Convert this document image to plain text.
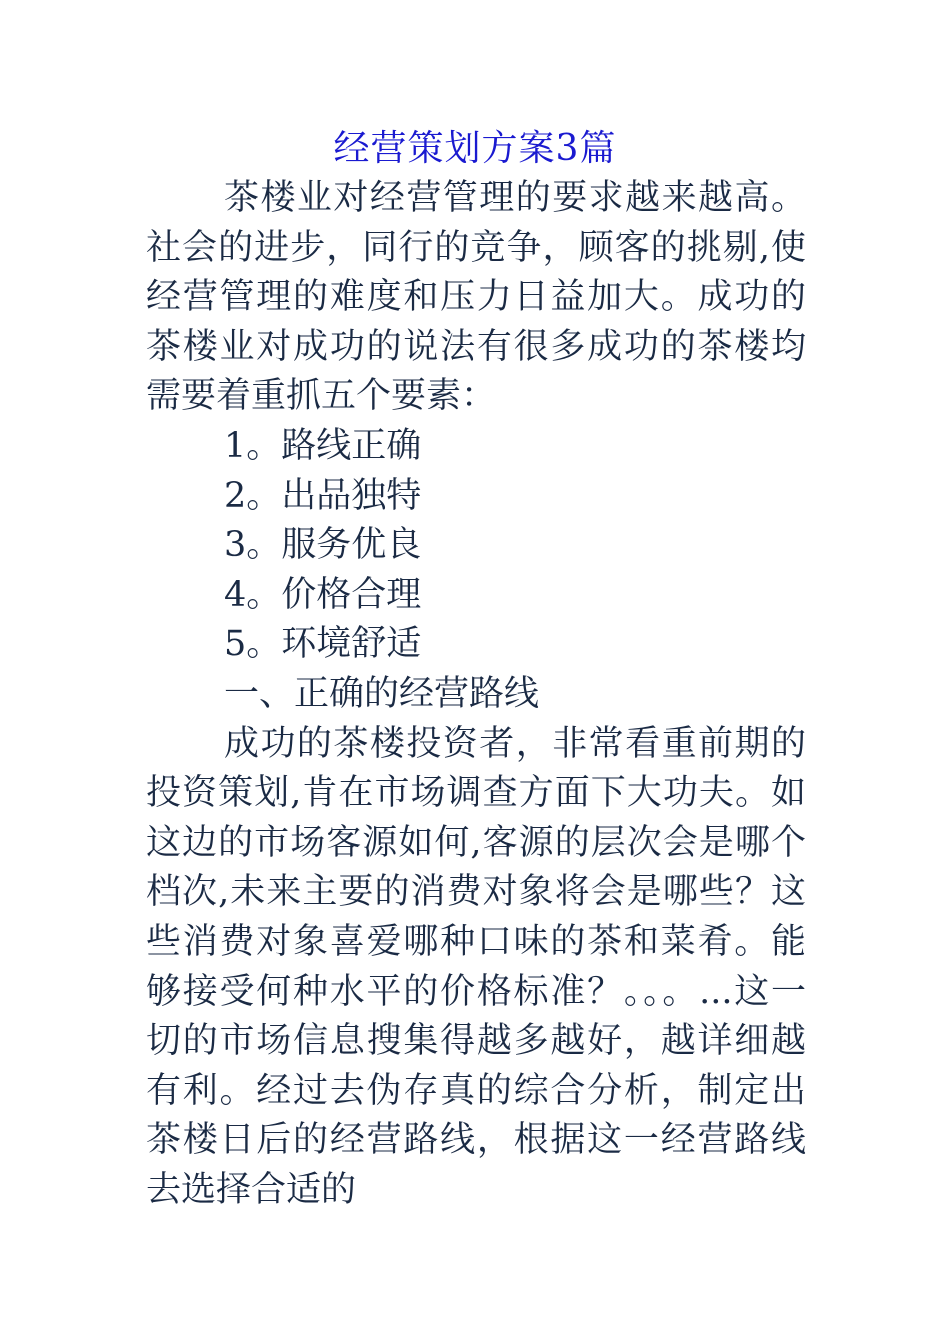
经营策划方案3篇

茶楼业对经营管理的要求越来越高。社会的进步，同行的竞争，顾客的挑剔,使经营管理的难度和压力日益加大。成功的茶楼业对成功的说法有很多成功的茶楼均需要着重抓五个要素：

1。路线正确

2。出品独特

3。服务优良

4。价格合理

5。环境舒适

一、正确的经营路线

成功的茶楼投资者，非常看重前期的投资策划,肯在市场调查方面下大功夫。如这边的市场客源如何,客源的层次会是哪个档次,未来主要的消费对象将会是哪些？这些消费对象喜爱哪种口味的茶和菜肴。能够接受何种水平的价格标准？。。。...这一切的市场信息搜集得越多越好，越详细越有利。经过去伪存真的综合分析，制定出茶楼日后的经营路线，根据这一经营路线去选择合适的
